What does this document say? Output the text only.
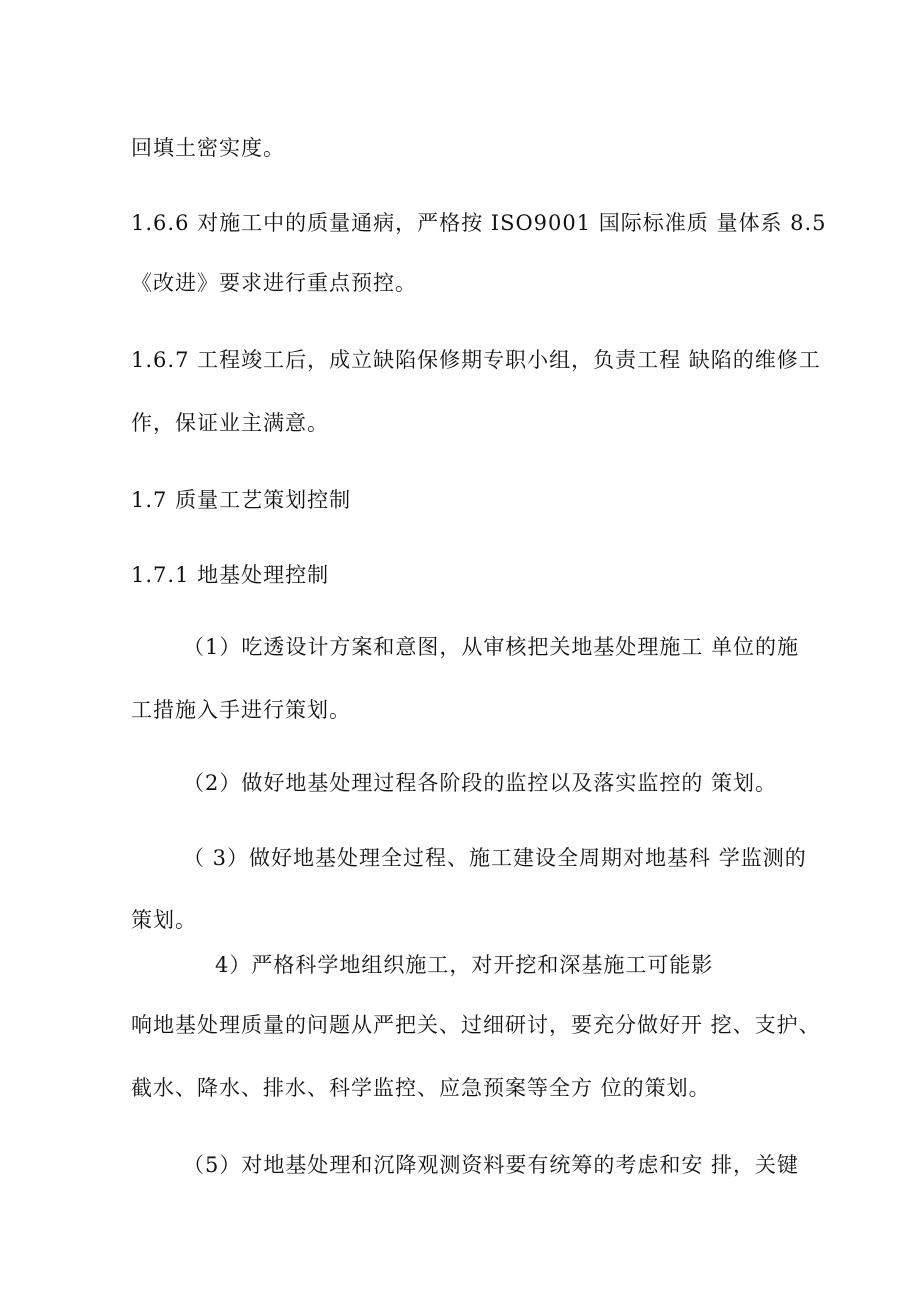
回填土密实度。
1.6.6 对施工中的质量通病，严格按 ISO9001 国际标准质 量体系 8.5
《改进》要求进行重点预控。
1.6.7 工程竣工后，成立缺陷保修期专职小组，负责工程 缺陷的维修工
作，保证业主满意。
1.7 质量工艺策划控制
1.7.1 地基处理控制
（1）吃透设计方案和意图，从审核把关地基处理施工 单位的施
工措施入手进行策划。
（2）做好地基处理过程各阶段的监控以及落实监控的 策划。
（ 3）做好地基处理全过程、施工建设全周期对地基科 学监测的
策划。
4）严格科学地组织施工，对开挖和深基施工可能影
响地基处理质量的问题从严把关、过细研讨，要充分做好开 挖、支护、
截水、降水、排水、科学监控、应急预案等全方 位的策划。
（5）对地基处理和沉降观测资料要有统筹的考虑和安 排，关键
